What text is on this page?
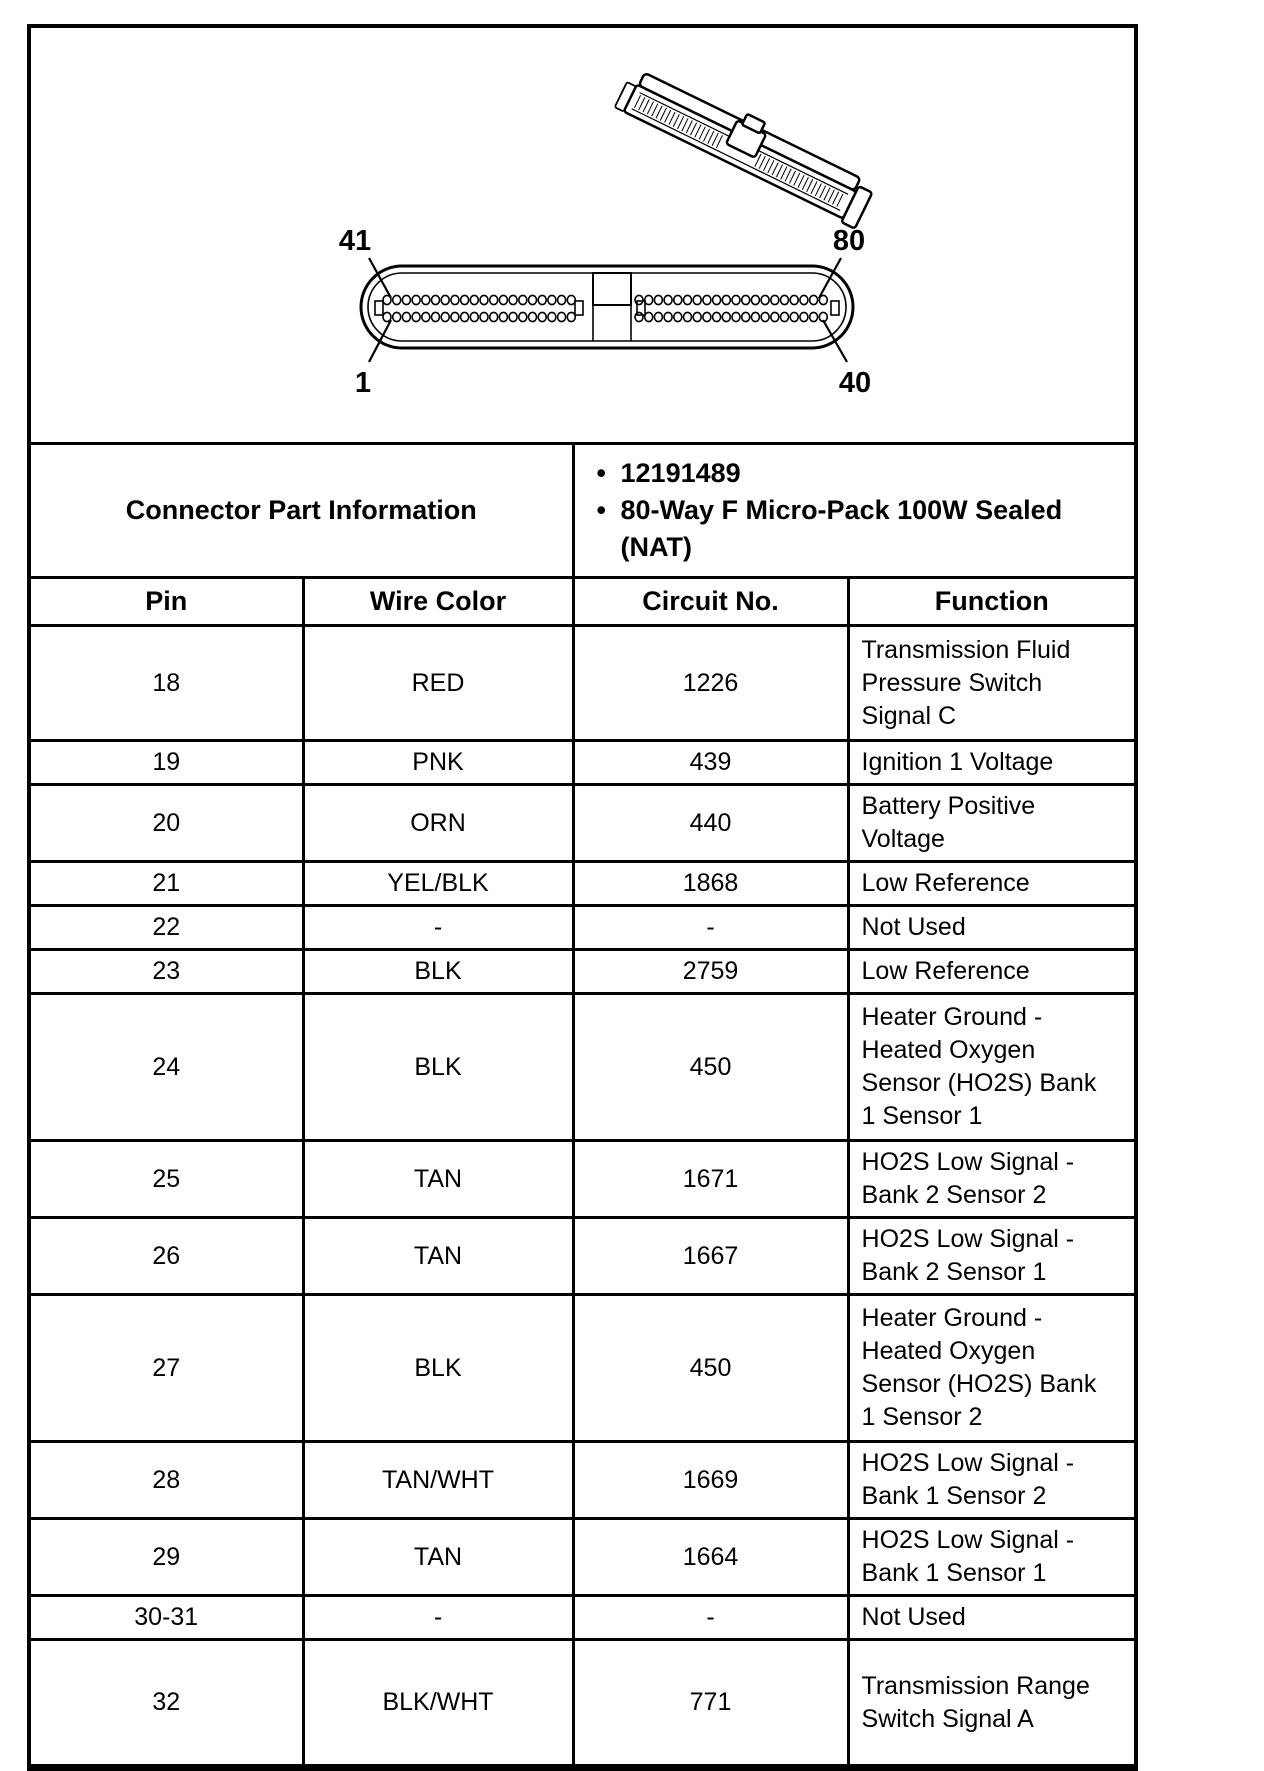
41	80
1	40
Connector Part Information		• 12191489
• 80-Way F Micro-Pack 100W Sealed (NAT)

Pin	Wire Color	Circuit No.	Function
18	RED	1226	Transmission Fluid Pressure Switch Signal C
19	PNK	439	Ignition 1 Voltage
20	ORN	440	Battery Positive Voltage
21	YEL/BLK	1868	Low Reference
22	-	-	Not Used
23	BLK	2759	Low Reference
24	BLK	450	Heater Ground - Heated Oxygen Sensor (HO2S) Bank 1 Sensor 1
25	TAN	1671	HO2S Low Signal - Bank 2 Sensor 2
26	TAN	1667	HO2S Low Signal - Bank 2 Sensor 1
27	BLK	450	Heater Ground - Heated Oxygen Sensor (HO2S) Bank 1 Sensor 2
28	TAN/WHT	1669	HO2S Low Signal - Bank 1 Sensor 2
29	TAN	1664	HO2S Low Signal - Bank 1 Sensor 1
30-31	-	-	Not Used
32	BLK/WHT	771	Transmission Range Switch Signal A
